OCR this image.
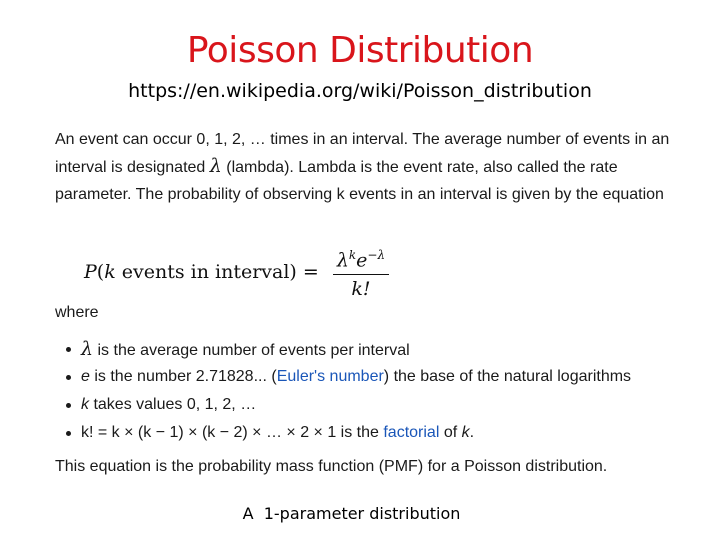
Poisson Distribution
https://en.wikipedia.org/wiki/Poisson_distribution
An event can occur 0, 1, 2, … times in an interval. The average number of events in an interval is designated λ (lambda). Lambda is the event rate, also called the rate parameter. The probability of observing k events in an interval is given by the equation
P ( k events in interval) = $\frac{\lambda^ke^{-\lambda}}{k!}$
where
λ is the average number of events per interval
e is the number 2.71828... (Euler's number) the base of the natural logarithms
k takes values 0, 1, 2, …
k! = k × (k − 1) × (k − 2) × … × 2 × 1 is the factorial of k.
This equation is the probability mass function (PMF) for a Poisson distribution.
A  1-parameter distribution
